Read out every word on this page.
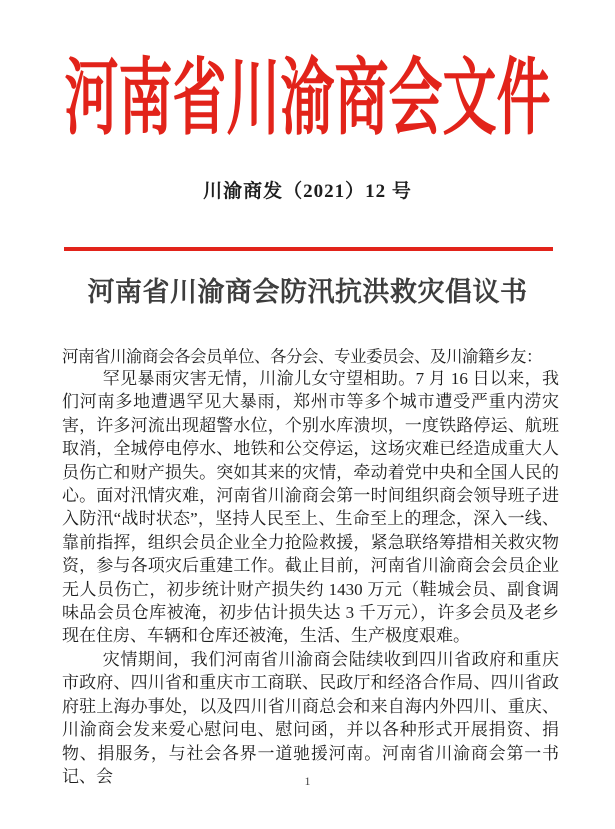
河南省川渝商会文件
川渝商发（2021）12 号
河南省川渝商会防汛抗洪救灾倡议书
河南省川渝商会各会员单位、各分会、专业委员会、及川渝籍乡友：

罕见暴雨灾害无情，川渝儿女守望相助。7 月 16 日以来，我们河南多地遭遇罕见大暴雨，郑州市等多个城市遭受严重内涝灾害，许多河流出现超警水位，个别水库溃坝，一度铁路停运、航班取消，全城停电停水、地铁和公交停运，这场灾难已经造成重大人员伤亡和财产损失。突如其来的灾情，牵动着党中央和全国人民的心。面对汛情灾难，河南省川渝商会第一时间组织商会领导班子进入防汛“战时状态”，坚持人民至上、生命至上的理念，深入一线、靠前指挥，组织会员企业全力抢险救援，紧急联络筹措相关救灾物资，参与各项灾后重建工作。截止目前，河南省川渝商会会员企业无人员伤亡，初步统计财产损失约 1430 万元（鞋城会员、副食调味品会员仓库被淹，初步估计损失达 3 千万元），许多会员及老乡现在住房、车辆和仓库还被淹，生活、生产极度艰难。

灾情期间，我们河南省川渝商会陆续收到四川省政府和重庆市政府、四川省和重庆市工商联、民政厅和经洛合作局、四川省政府驻上海办事处，以及四川省川商总会和来自海内外四川、重庆、川渝商会发来爱心慰问电、慰问函，并以各种形式开展捐资、捐物、捐服务，与社会各界一道驰援河南。河南省川渝商会第一书记、会	1
